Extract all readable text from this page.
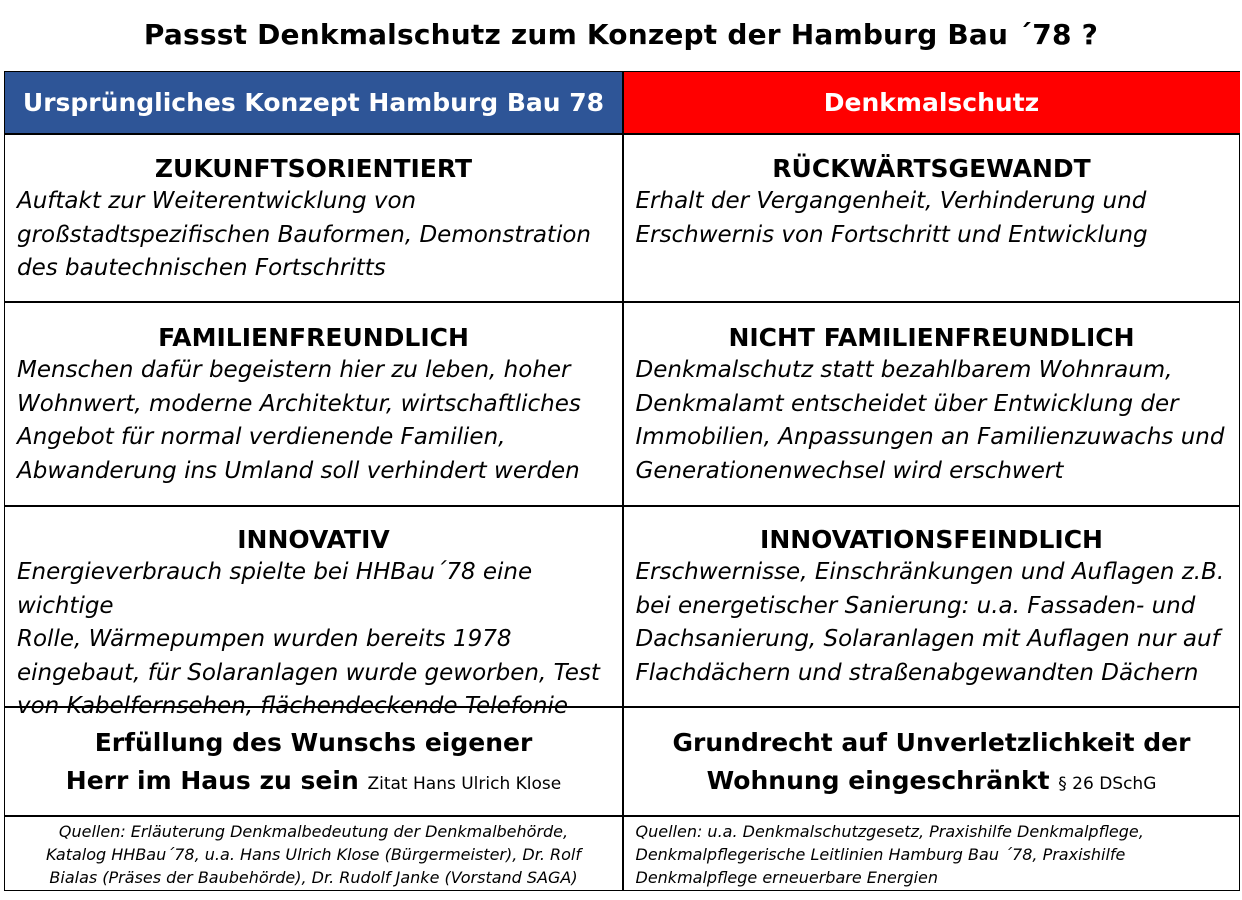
Passst Denkmalschutz zum Konzept der Hamburg Bau ´78 ?
Ursprüngliches Konzept Hamburg Bau 78	Denkmalschutz
ZUKUNFTSORIENTIERT
Auftakt zur Weiterentwicklung von
großstadtspezifischen Bauformen, Demonstration
des bautechnischen Fortschritts
RÜCKWÄRTSGEWANDT
Erhalt der Vergangenheit, Verhinderung und
Erschwernis von Fortschritt und Entwicklung
FAMILIENFREUNDLICH
Menschen dafür begeistern hier zu leben, hoher
Wohnwert, moderne Architektur, wirtschaftliches
Angebot für normal verdienende Familien,
Abwanderung ins Umland soll verhindert werden
NICHT FAMILIENFREUNDLICH
Denkmalschutz statt bezahlbarem Wohnraum,
Denkmalamt entscheidet über Entwicklung der
Immobilien, Anpassungen an Familienzuwachs und
Generationenwechsel wird erschwert
INNOVATIV
Energieverbrauch spielte bei HHBau´78 eine wichtige
Rolle, Wärmepumpen wurden bereits 1978
eingebaut, für Solaranlagen wurde geworben, Test
von Kabelfernsehen, flächendeckende Telefonie
INNOVATIONSFEINDLICH
Erschwernisse, Einschränkungen und Auflagen z.B.
bei energetischer Sanierung: u.a. Fassaden- und
Dachsanierung, Solaranlagen mit Auflagen nur auf
Flachdächern und straßenabgewandten Dächern
Erfüllung des Wunschs eigener
Herr im Haus zu sein Zitat Hans Ulrich Klose
Grundrecht auf Unverletzlichkeit der
Wohnung eingeschränkt § 26 DSchG
Quellen: Erläuterung Denkmalbedeutung der Denkmalbehörde,
Katalog HHBau´78, u.a. Hans Ulrich Klose (Bürgermeister), Dr. Rolf
Bialas (Präses der Baubehörde), Dr. Rudolf Janke (Vorstand SAGA)
Quellen: u.a. Denkmalschutzgesetz, Praxishilfe Denkmalpflege,
Denkmalpflegerische Leitlinien Hamburg Bau ´78, Praxishilfe
Denkmalpflege erneuerbare Energien
